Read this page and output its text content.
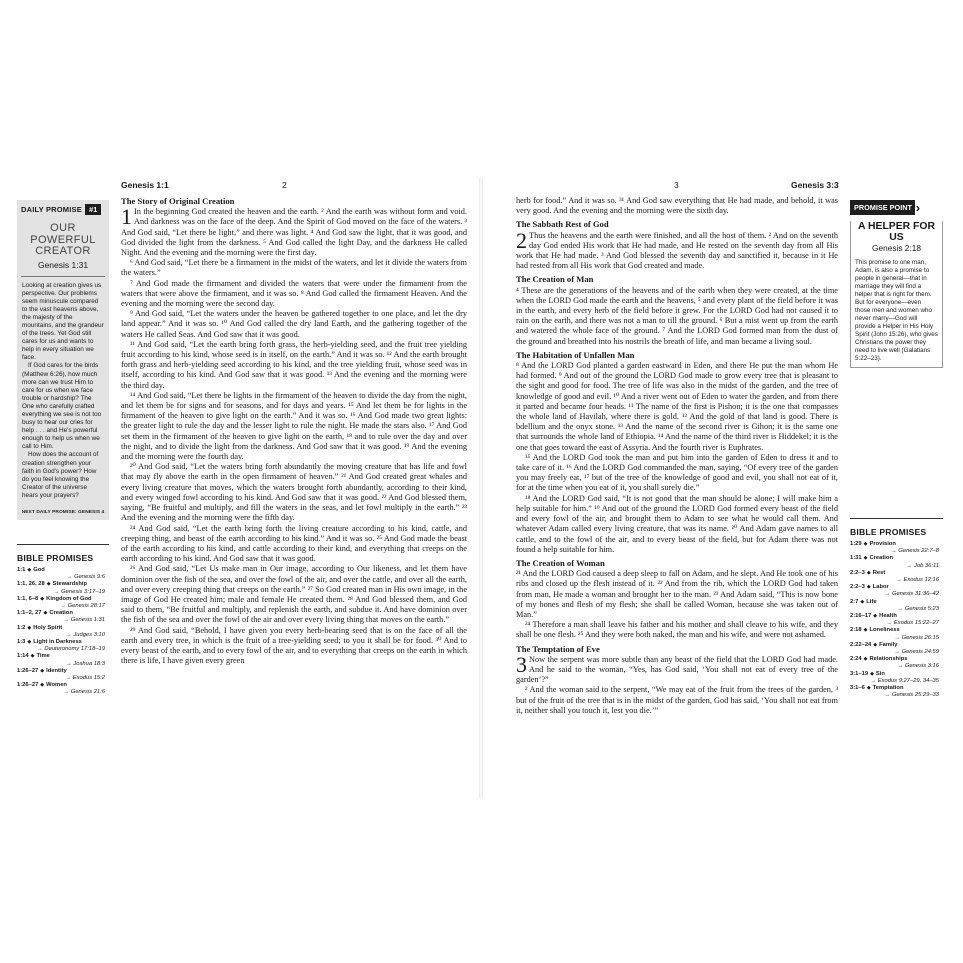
Genesis 1:1	2
DAILY PROMISE #1
OUR POWERFUL CREATOR
Genesis 1:31

Looking at creation gives us perspective. Our problems seem minuscule compared to the vast heavens above, the majesty of the mountains, and the grandeur of the trees. Yet God still cares for us and wants to help in every situation we face.

If God cares for the birds (Matthew 6:26), how much more can we trust Him to care for us when we face trouble or hardship? The One who carefully crafted everything we see is not too busy to hear our cries for help . . . and He's powerful enough to help us when we call to Him.

How does the account of creation strengthen your faith in God's power? How do you feel knowing the Creator of the universe hears your prayers?

NEXT DAILY PROMISE: GENESIS 4
BIBLE PROMISES
1:1 ◆ God
→ Genesis 9:6
1:1, 26, 28 ◆ Stewardship
→ Genesis 3:17–19
1:1, 6–8 ◆ Kingdom of God
→ Genesis 28:17
1:1–2, 27 ◆ Creation
→ Genesis 1:31
1:2 ◆ Holy Spirit
→ Judges 3:10
1:3 ◆ Light in Darkness
→ Deuteronomy 17:18–19
1:14 ◆ Time
→ Joshua 18:3
1:26–27 ◆ Identity
→ Exodus 15:2
1:26–27 ◆ Women
→ Genesis 21:6
The Story of Original Creation

1 In the beginning God created the heaven and the earth. ² And the earth was without form and void. And darkness was on the face of the deep. And the Spirit of God moved on the face of the waters. ³ And God said, “Let there be light,” and there was light. ⁴ And God saw the light, that it was good, and God divided the light from the darkness. ⁵ And God called the light Day, and the darkness He called Night. And the evening and the morning were the first day.

⁶ And God said, “Let there be a firmament in the midst of the waters, and let it divide the waters from the waters.”

⁷ And God made the firmament and divided the waters that were under the firmament from the waters that were above the firmament, and it was so. ⁸ And God called the firmament Heaven. And the evening and the morning were the second day.

⁹ And God said, “Let the waters under the heaven be gathered together to one place, and let the dry land appear.” And it was so. ¹⁰ And God called the dry land Earth, and the gathering together of the waters He called Seas. And God saw that it was good.

¹¹ And God said, “Let the earth bring forth grass, the herb-yielding seed, and the fruit tree yielding fruit according to his kind, whose seed is in itself, on the earth.” And it was so. ¹² And the earth brought forth grass and herb-yielding seed according to his kind, and the tree yielding fruit, whose seed was in itself, according to his kind. And God saw that it was good. ¹³ And the evening and the morning were the third day.

¹⁴ And God said, “Let there be lights in the firmament of the heaven to divide the day from the night, and let them be for signs and for seasons, and for days and years. ¹⁵ And let them be for lights in the firmament of the heaven to give light on the earth.” And it was so. ¹⁶ And God made two great lights: the greater light to rule the day and the lesser light to rule the night. He made the stars also. ¹⁷ And God set them in the firmament of the heaven to give light on the earth, ¹⁸ and to rule over the day and over the night, and to divide the light from the darkness. And God saw that it was good. ¹⁹ And the evening and the morning were the fourth day.

²⁰ And God said, “Let the waters bring forth abundantly the moving creature that has life and fowl that may fly above the earth in the open firmament of heaven.” ²¹ And God created great whales and every living creature that moves, which the waters brought forth abundantly, according to their kind, and every winged fowl according to his kind. And God saw that it was good. ²² And God blessed them, saying, “Be fruitful and multiply, and fill the waters in the seas, and let fowl multiply in the earth.” ²³ And the evening and the morning were the fifth day.

²⁴ And God said, “Let the earth bring forth the living creature according to his kind, cattle, and creeping thing, and beast of the earth according to his kind.” And it was so. ²⁵ And God made the beast of the earth according to his kind, and cattle according to their kind, and everything that creeps on the earth according to his kind. And God saw that it was good.

²⁶ And God said, “Let Us make man in Our image, according to Our likeness, and let them have dominion over the fish of the sea, and over the fowl of the air, and over the cattle, and over all the earth, and over every creeping thing that creeps on the earth.” ²⁷ So God created man in His own image, in the image of God He created him; male and female He created them. ²⁸ And God blessed them, and God said to them, “Be fruitful and multiply, and replenish the earth, and subdue it. And have dominion over the fish of the sea and over the fowl of the air and over every living thing that moves on the earth.”

²⁹ And God said, “Behold, I have given you every herb-bearing seed that is on the face of all the earth and every tree, in which is the fruit of a tree-yielding seed; to you it shall be for food. ³⁰ And to every beast of the earth, and to every fowl of the air, and to everything that creeps on the earth in which there is life, I have given every green

3	Genesis 3:3

herb for food.” And it was so. ³¹ And God saw everything that He had made, and behold, it was very good. And the evening and the morning were the sixth day.

The Sabbath Rest of God

2 Thus the heavens and the earth were finished, and all the host of them. ² And on the seventh day God ended His work that He had made, and He rested on the seventh day from all His work that He had made. ³ And God blessed the seventh day and sanctified it, because in it He had rested from all His work that God created and made.

The Creation of Man

⁴ These are the generations of the heavens and of the earth when they were created, at the time when the LORD God made the earth and the heavens, ⁵ and every plant of the field before it was in the earth, and every herb of the field before it grew. For the LORD God had not caused it to rain on the earth, and there was not a man to till the ground. ⁶ But a mist went up from the earth and watered the whole face of the ground. ⁷ And the LORD God formed man from the dust of the ground and breathed into his nostrils the breath of life, and man became a living soul.

The Habitation of Unfallen Man

⁸ And the LORD God planted a garden eastward in Eden, and there He put the man whom He had formed. ⁹ And out of the ground the LORD God made to grow every tree that is pleasant to the sight and good for food. The tree of life was also in the midst of the garden, and the tree of knowledge of good and evil. ¹⁰ And a river went out of Eden to water the garden, and from there it parted and became four heads. ¹¹ The name of the first is Pishon; it is the one that compasses the whole land of Havilah, where there is gold. ¹² And the gold of that land is good. There is bdellium and the onyx stone. ¹³ And the name of the second river is Gihon; it is the same one that surrounds the whole land of Ethiopia. ¹⁴ And the name of the third river is Hiddekel; it is the one that goes toward the east of Assyria. And the fourth river is Euphrates.

¹⁵ And the LORD God took the man and put him into the garden of Eden to dress it and to take care of it. ¹⁶ And the LORD God commanded the man, saying, “Of every tree of the garden you may freely eat, ¹⁷ but of the tree of the knowledge of good and evil, you shall not eat of it, for at the time when you eat of it, you shall surely die.”

¹⁸ And the LORD God said, “It is not good that the man should be alone; I will make him a help suitable for him.” ¹⁹ And out of the ground the LORD God formed every beast of the field and every fowl of the air, and brought them to Adam to see what he would call them. And whatever Adam called every living creature, that was its name. ²⁰ And Adam gave names to all cattle, and to the fowl of the air, and to every beast of the field, but for Adam there was not found a help suitable for him.

The Creation of Woman

²¹ And the LORD God caused a deep sleep to fall on Adam, and he slept. And He took one of his ribs and closed up the flesh instead of it. ²² And from the rib, which the LORD God had taken from man, He made a woman and brought her to the man. ²³ And Adam said, “This is now bone of my bones and flesh of my flesh; she shall be called Woman, because she was taken out of Man.”

²⁴ Therefore a man shall leave his father and his mother and shall cleave to his wife, and they shall be one flesh. ²⁵ And they were both naked, the man and his wife, and were not ashamed.

The Temptation of Eve

3 Now the serpent was more subtle than any beast of the field that the LORD God had made. And he said to the woman, “Yes, has God said, ‘You shall not eat of every tree of the garden’?”

² And the woman said to the serpent, “We may eat of the fruit from the trees of the garden, ³ but of the fruit of the tree that is in the midst of the garden, God has said, ‘You shall not eat from it, neither shall you touch it, lest you die.’”

PROMISE POINT
A HELPER FOR US
Genesis 2:18
This promise to one man, Adam, is also a promise to people in general—that in marriage they will find a helper that is right for them. But for everyone—even those men and women who never marry—God will provide a Helper in His Holy Spirit (John 15:26), who gives Christians the power they need to live well (Galatians 5:22–23).
BIBLE PROMISES
1:29 ◆ Provision
→ Genesis 22:7–8
1:31 ◆ Creation
→ Job 36:11
2:2–3 ◆ Rest
→ Exodus 12:16
2:2–3 ◆ Labor
→ Genesis 31:36–42
2:7 ◆ Life
→ Genesis 5:23
2:16–17 ◆ Health
→ Exodus 15:22–27
2:18 ◆ Loneliness
→ Genesis 26:15
2:22–24 ◆ Family
→ Genesis 24:59
2:24 ◆ Relationships
→ Genesis 3:16
3:1–19 ◆ Sin
→ Exodus 9:27–29, 34–35
3:1–6 ◆ Temptation
→ Genesis 25:29–33
